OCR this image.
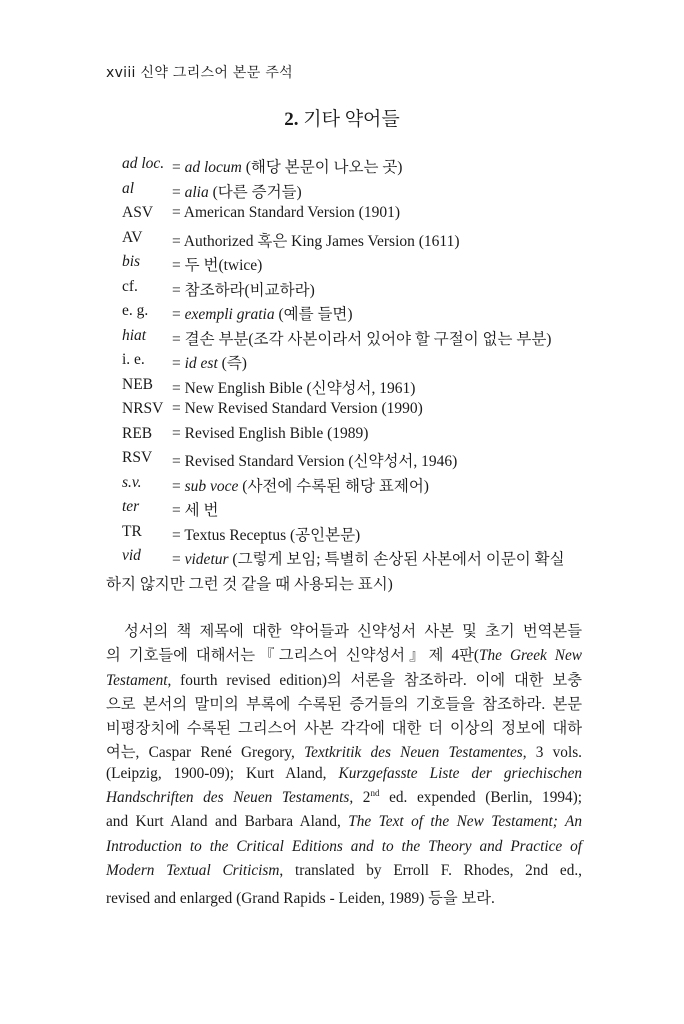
xviii 신약 그리스어 본문 주석
2. 기타 약어들
ad loc. = ad locum (해당 본문이 나오는 곳)
al = alia (다른 증거들)
ASV = American Standard Version (1901)
AV = Authorized 혹은 King James Version (1611)
bis = 두 번(twice)
cf. = 참조하라(비교하라)
e. g. = exempli gratia (예를 들면)
hiat = 결손 부분(조각 사본이라서 있어야 할 구절이 없는 부분)
i. e. = id est (즉)
NEB = New English Bible (신약성서, 1961)
NRSV = New Revised Standard Version (1990)
REB = Revised English Bible (1989)
RSV = Revised Standard Version (신약성서, 1946)
s.v. = sub voce (사전에 수록된 해당 표제어)
ter = 세 번
TR = Textus Receptus (공인본문)
vid = videtur (그렇게 보임; 특별히 손상된 사본에서 이문이 확실
하지 않지만 그런 것 같을 때 사용되는 표시)
성서의 책 제목에 대한 약어들과 신약성서 사본 및 초기 번역본들
의 기호들에 대해서는『그리스어 신약성서』제 4판(The Greek New
Testament, fourth revised edition)의 서론을 참조하라. 이에 대한 보충
으로 본서의 말미의 부록에 수록된 증거들의 기호들을 참조하라. 본문
비평장치에 수록된 그리스어 사본 각각에 대한 더 이상의 정보에 대하
여는, Caspar René Gregory, Textkritik des Neuen Testamentes, 3 vols.
(Leipzig, 1900-09); Kurt Aland, Kurzgefasste Liste der griechischen
Handschriften des Neuen Testaments, 2nd ed. expended (Berlin, 1994);
and Kurt Aland and Barbara Aland, The Text of the New Testament; An
Introduction to the Critical Editions and to the Theory and Practice of
Modern Textual Criticism, translated by Erroll F. Rhodes, 2nd ed.,
revised and enlarged (Grand Rapids - Leiden, 1989) 등을 보라.
